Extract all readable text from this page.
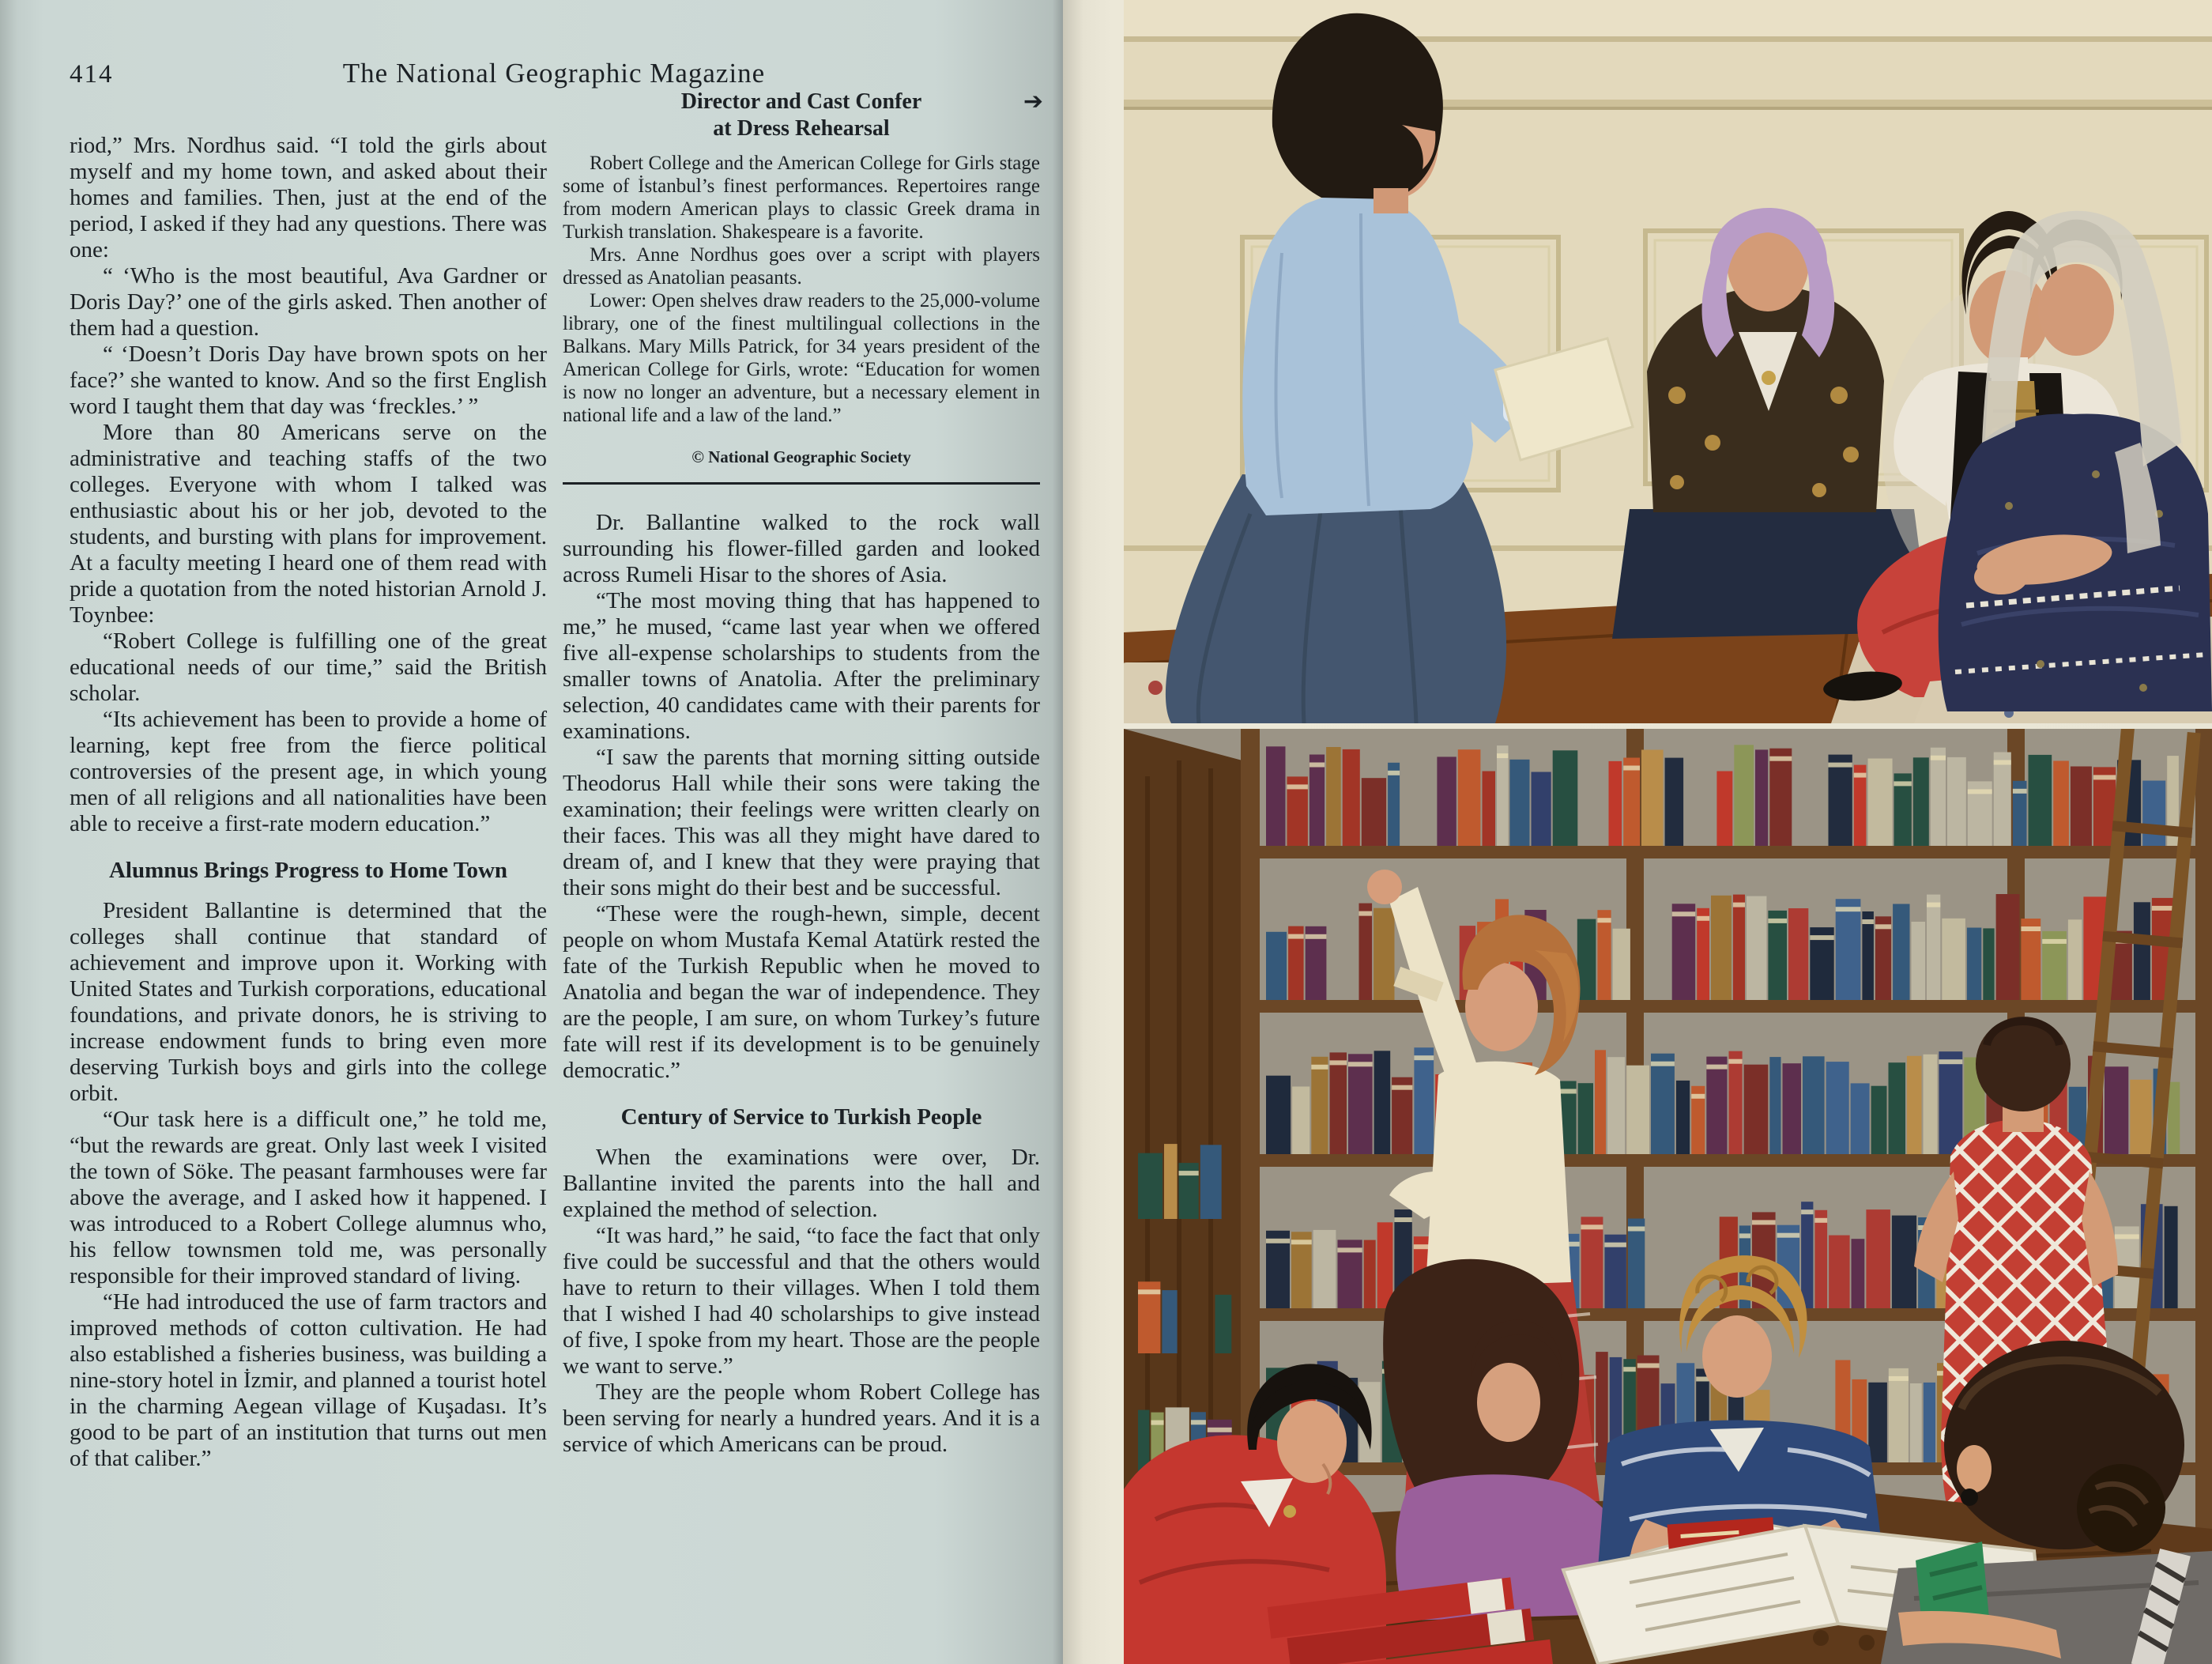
414	The National Geographic Magazine

riod,” Mrs. Nordhus said. “I told the girls about myself and my home town, and asked about their homes and families. Then, just at the end of the period, I asked if they had any questions. There was one:

“ ‘Who is the most beautiful, Ava Gardner or Doris Day?’ one of the girls asked. Then another of them had a question.

“ ‘Doesn’t Doris Day have brown spots on her face?’ she wanted to know. And so the first English word I taught them that day was ‘freckles.’ ”

More than 80 Americans serve on the administrative and teaching staffs of the two colleges. Everyone with whom I talked was enthusiastic about his or her job, devoted to the students, and bursting with plans for improvement. At a faculty meeting I heard one of them read with pride a quotation from the noted historian Arnold J. Toynbee:

“Robert College is fulfilling one of the great educational needs of our time,” said the British scholar.

“Its achievement has been to provide a home of learning, kept free from the fierce political controversies of the present age, in which young men of all religions and all nationalities have been able to receive a first-rate modern education.”

Alumnus Brings Progress to Home Town

President Ballantine is determined that the colleges shall continue that standard of achievement and improve upon it. Working with United States and Turkish corporations, educational foundations, and private donors, he is striving to increase endowment funds to bring even more deserving Turkish boys and girls into the college orbit.

“Our task here is a difficult one,” he told me, “but the rewards are great. Only last week I visited the town of Söke. The peasant farmhouses were far above the average, and I asked how it happened. I was introduced to a Robert College alumnus who, his fellow townsmen told me, was personally responsible for their improved standard of living.

“He had introduced the use of farm tractors and improved methods of cotton cultivation. He had also established a fisheries business, was building a nine-story hotel in İzmir, and planned a tourist hotel in the charming Aegean village of Kuşadası. It’s good to be part of an institution that turns out men of that caliber.”

Director and Cast Confer	➔

at Dress Rehearsal

Robert College and the American College for Girls stage some of İstanbul’s finest performances. Repertoires range from modern American plays to classic Greek drama in Turkish translation. Shakespeare is a favorite.

Mrs. Anne Nordhus goes over a script with players dressed as Anatolian peasants.

Lower: Open shelves draw readers to the 25,000-volume library, one of the finest multilingual collections in the Balkans. Mary Mills Patrick, for 34 years president of the American College for Girls, wrote: “Education for women is now no longer an adventure, but a necessary element in national life and a law of the land.”

© National Geographic Society

Dr. Ballantine walked to the rock wall surrounding his flower-filled garden and looked across Rumeli Hisar to the shores of Asia.

“The most moving thing that has happened to me,” he mused, “came last year when we offered five all-expense scholarships to students from the smaller towns of Anatolia. After the preliminary selection, 40 candidates came with their parents for examinations.

“I saw the parents that morning sitting outside Theodorus Hall while their sons were taking the examination; their feelings were written clearly on their faces. This was all they might have dared to dream of, and I knew that they were praying that their sons might do their best and be successful.

“These were the rough-hewn, simple, decent people on whom Mustafa Kemal Atatürk rested the fate of the Turkish Republic when he moved to Anatolia and began the war of independence. They are the people, I am sure, on whom Turkey’s future fate will rest if its development is to be genuinely democratic.”

Century of Service to Turkish People

When the examinations were over, Dr. Ballantine invited the parents into the hall and explained the method of selection.

“It was hard,” he said, “to face the fact that only five could be successful and that the others would have to return to their villages. When I told them that I wished I had 40 scholarships to give instead of five, I spoke from my heart. Those are the people we want to serve.”

They are the people whom Robert College has been serving for nearly a hundred years. And it is a service of which Americans can be proud.
